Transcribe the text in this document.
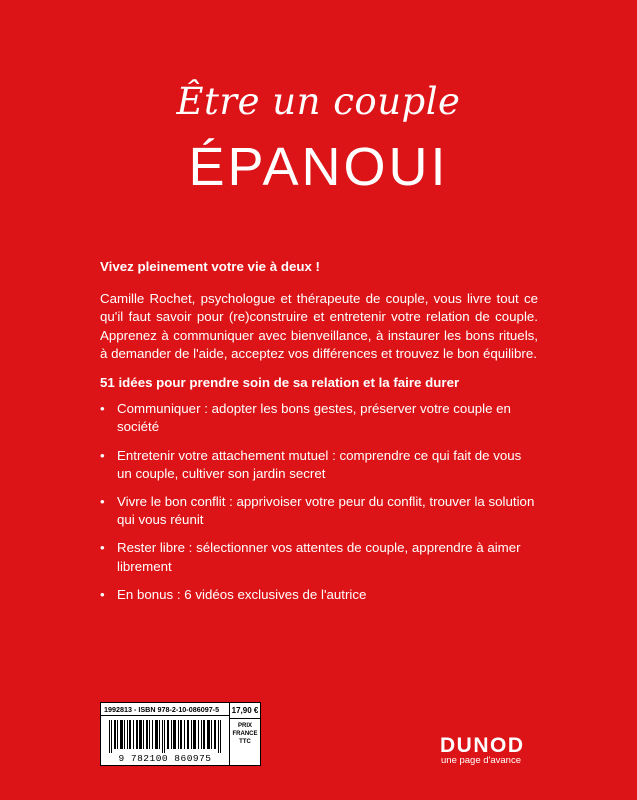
Être un couple
ÉPANOUI

Vivez pleinement votre vie à deux !

Camille Rochet, psychologue et thérapeute de couple, vous livre tout ce qu'il faut savoir pour (re)construire et entretenir votre relation de couple. Apprenez à communiquer avec bienveillance, à instaurer les bons rituels, à demander de l'aide, acceptez vos différences et trouvez le bon équilibre.

51 idées pour prendre soin de sa relation et la faire durer

• Communiquer : adopter les bons gestes, préserver votre couple en société
• Entretenir votre attachement mutuel : comprendre ce qui fait de vous un couple, cultiver son jardin secret
• Vivre le bon conflit : apprivoiser votre peur du conflit, trouver la solution qui vous réunit
• Rester libre : sélectionner vos attentes de couple, apprendre à aimer librement
• En bonus : 6 vidéos exclusives de l'autrice
1992813 - ISBN 978-2-10-086097-5
9 782100 860975
17,90 €
PRIX
FRANCE
TTC	DUNOD
une page d'avance
